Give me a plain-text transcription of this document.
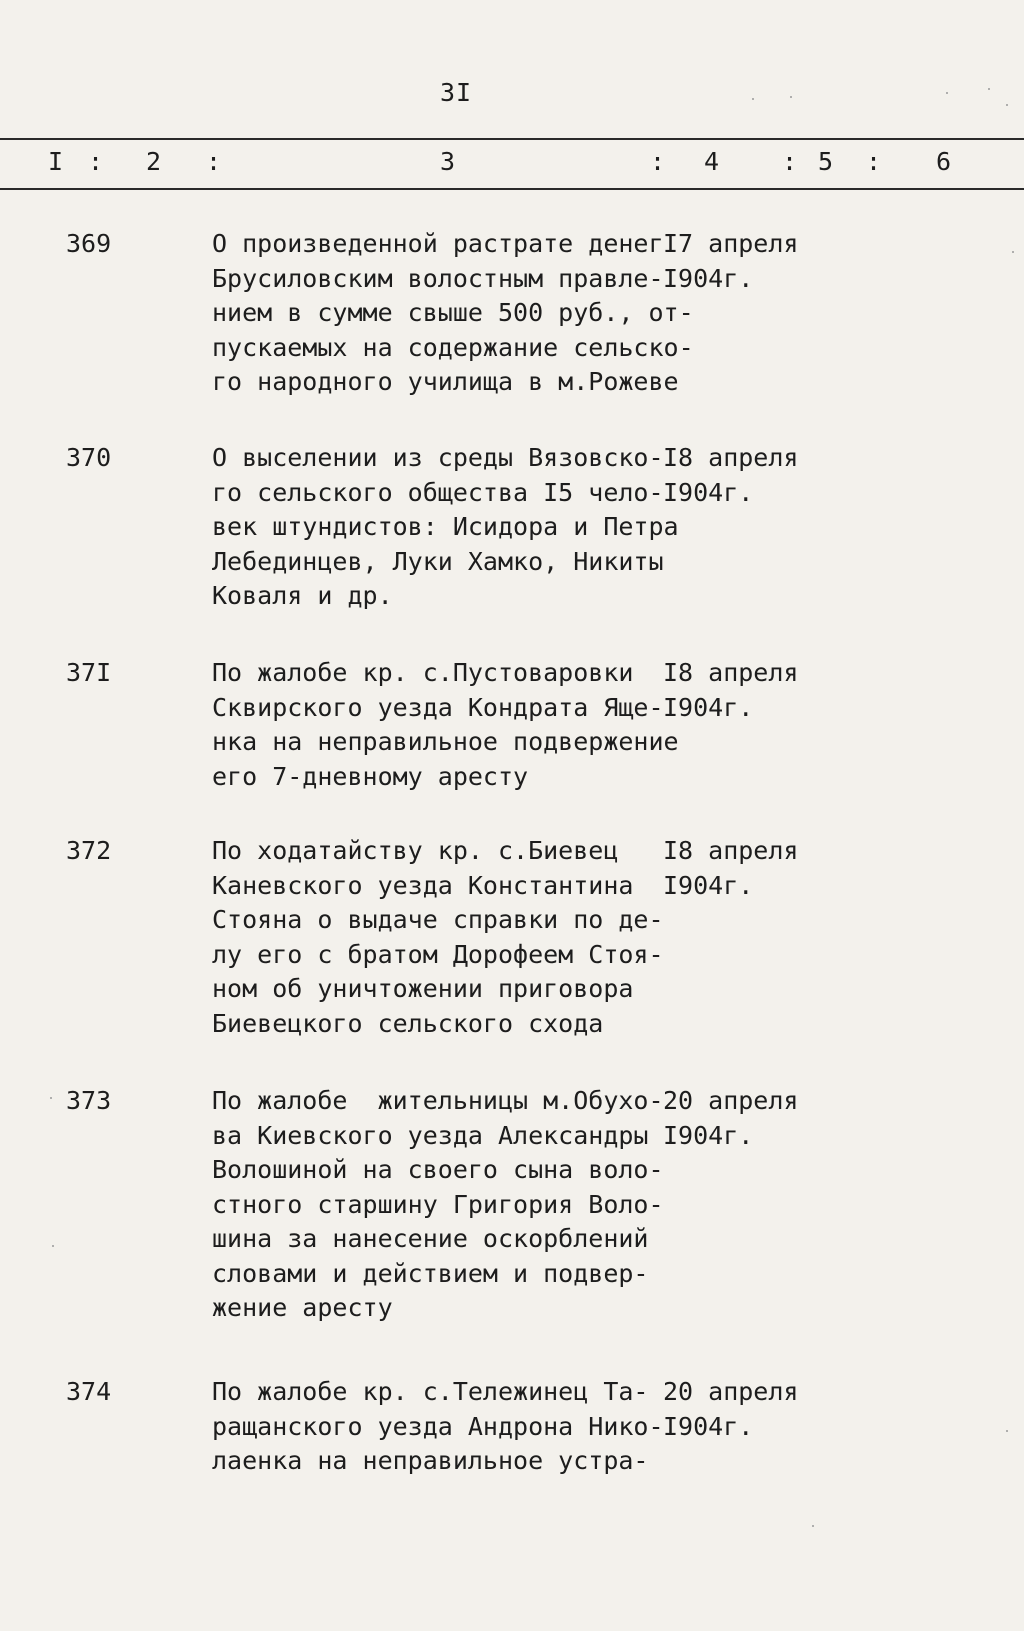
3I
I : 2 :	3	: 4	: 5 : 6
369	О произведенной растрате денег
Брусиловским волостным правле-
нием в сумме свыше 500 руб., от-
пускаемых на содержание сельско-
го народного училища в м.Рожеве
I7 апреля
I904г.
370	О выселении из среды Вязовско-
го сельского общества I5 чело-
век штундистов: Исидора и Петра
Лебединцев, Луки Хамко, Никиты
Коваля и др.
I8 апреля
I904г.
37I	По жалобе кр. с.Пустоваровки
Сквирского уезда Кондрата Яще-
нка на неправильное подвержение
его 7-дневному аресту
I8 апреля
I904г.
372	По ходатайству кр. с.Биевец
Каневского уезда Константина
Стояна о выдаче справки по де-
лу его с братом Дорофеем Стоя-
ном об уничтожении приговора
Биевецкого сельского схода
I8 апреля
I904г.
373	По жалобе  жительницы м.Обухо-
ва Киевского уезда Александры
Волошиной на своего сына воло-
стного старшину Григория Воло-
шина за нанесение оскорблений
словами и действием и подвер-
жение аресту
20 апреля
I904г.
374	По жалобе кр. с.Тележинец Та-
ращанского уезда Андрона Нико-
лаенка на неправильное устра-
20 апреля
I904г.
